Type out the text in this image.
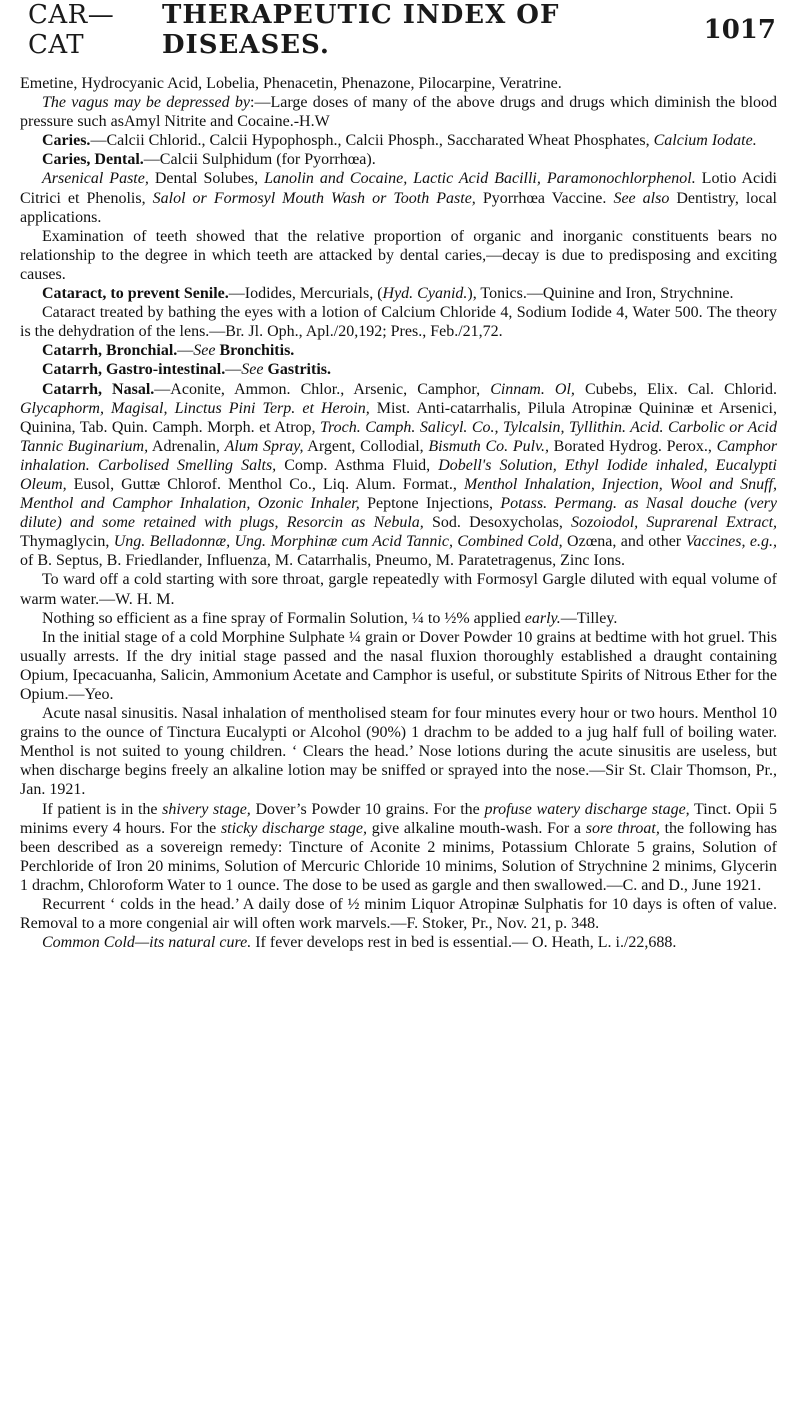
CAR—CAT
THERAPEUTIC INDEX OF DISEASES.	1017

Emetine, Hydrocyanic Acid, Lobelia, Phenacetin, Phenazone, Pilocarpine, Veratrine.

The vagus may be depressed by:—Large doses of many of the above drugs and drugs which diminish the blood pressure such asAmyl Nitrite and Cocaine.-H.W

Caries.—Calcii Chlorid., Calcii Hypophosph., Calcii Phosph., Saccharated Wheat Phosphates, Calcium Iodate.

Caries, Dental.—Calcii Sulphidum (for Pyorrhœa).

Arsenical Paste, Dental Solubes, Lanolin and Cocaine, Lactic Acid Bacilli, Paramonochlorphenol. Lotio Acidi Citrici et Phenolis, Salol or Formosyl Mouth Wash or Tooth Paste, Pyorrhœa Vaccine. See also Dentistry, local applications.

Examination of teeth showed that the relative proportion of organic and inorganic constituents bears no relationship to the degree in which teeth are attacked by dental caries,—decay is due to predisposing and exciting causes.

Cataract, to prevent Senile.—Iodides, Mercurials, (Hyd. Cyanid.), Tonics.—Quinine and Iron, Strychnine.

Cataract treated by bathing the eyes with a lotion of Calcium Chloride 4, Sodium Iodide 4, Water 500. The theory is the dehydration of the lens.—Br. Jl. Oph., Apl./20,192; Pres., Feb./21,72.

Catarrh, Bronchial.—See Bronchitis.

Catarrh, Gastro-intestinal.—See Gastritis.

Catarrh, Nasal.—Aconite, Ammon. Chlor., Arsenic, Camphor, Cinnam. Ol, Cubebs, Elix. Cal. Chlorid. Glycaphorm, Magisal, Linctus Pini Terp. et Heroin, Mist. Anti-catarrhalis, Pilula Atropinæ Quininæ et Arsenici, Quinina, Tab. Quin. Camph. Morph. et Atrop, Troch. Camph. Salicyl. Co., Tylcalsin, Tyllithin. Acid. Carbolic or Acid Tannic Buginarium, Adrenalin, Alum Spray, Argent, Collodial, Bismuth Co. Pulv., Borated Hydrog. Perox., Camphor inhalation. Carbolised Smelling Salts, Comp. Asthma Fluid, Dobell's Solution, Ethyl Iodide inhaled, Eucalypti Oleum, Eusol, Guttæ Chlorof. Menthol Co., Liq. Alum. Format., Menthol Inhalation, Injection, Wool and Snuff, Menthol and Camphor Inhalation, Ozonic Inhaler, Peptone Injections, Potass. Permang. as Nasal douche (very dilute) and some retained with plugs, Resorcin as Nebula, Sod. Desoxycholas, Sozoiodol, Suprarenal Extract, Thymaglycin, Ung. Belladonnæ, Ung. Morphinæ cum Acid Tannic, Combined Cold, Ozœna, and other Vaccines, e.g., of B. Septus, B. Friedlander, Influenza, M. Catarrhalis, Pneumo, M. Paratetragenus, Zinc Ions.

To ward off a cold starting with sore throat, gargle repeatedly with Formosyl Gargle diluted with equal volume of warm water.—W. H. M.

Nothing so efficient as a fine spray of Formalin Solution, ¼ to ½% applied early.—Tilley.

In the initial stage of a cold Morphine Sulphate ¼ grain or Dover Powder 10 grains at bedtime with hot gruel. This usually arrests. If the dry initial stage passed and the nasal fluxion thoroughly established a draught containing Opium, Ipecacuanha, Salicin, Ammonium Acetate and Camphor is useful, or substitute Spirits of Nitrous Ether for the Opium.—Yeo.

Acute nasal sinusitis. Nasal inhalation of mentholised steam for four minutes every hour or two hours. Menthol 10 grains to the ounce of Tinctura Eucalypti or Alcohol (90%) 1 drachm to be added to a jug half full of boiling water. Menthol is not suited to young children. ‘ Clears the head.’ Nose lotions during the acute sinusitis are useless, but when discharge begins freely an alkaline lotion may be sniffed or sprayed into the nose.—Sir St. Clair Thomson, Pr., Jan. 1921.

If patient is in the shivery stage, Dover’s Powder 10 grains. For the profuse watery discharge stage, Tinct. Opii 5 minims every 4 hours. For the sticky discharge stage, give alkaline mouth-wash. For a sore throat, the following has been described as a sovereign remedy: Tincture of Aconite 2 minims, Potassium Chlorate 5 grains, Solution of Perchloride of Iron 20 minims, Solution of Mercuric Chloride 10 minims, Solution of Strychnine 2 minims, Glycerin 1 drachm, Chloroform Water to 1 ounce. The dose to be used as gargle and then swallowed.—C. and D., June 1921.

Recurrent ‘ colds in the head.’ A daily dose of ½ minim Liquor Atropinæ Sulphatis for 10 days is often of value. Removal to a more congenial air will often work marvels.—F. Stoker, Pr., Nov. 21, p. 348.

Common Cold—its natural cure. If fever develops rest in bed is essential.— O. Heath, L. i./22,688.
